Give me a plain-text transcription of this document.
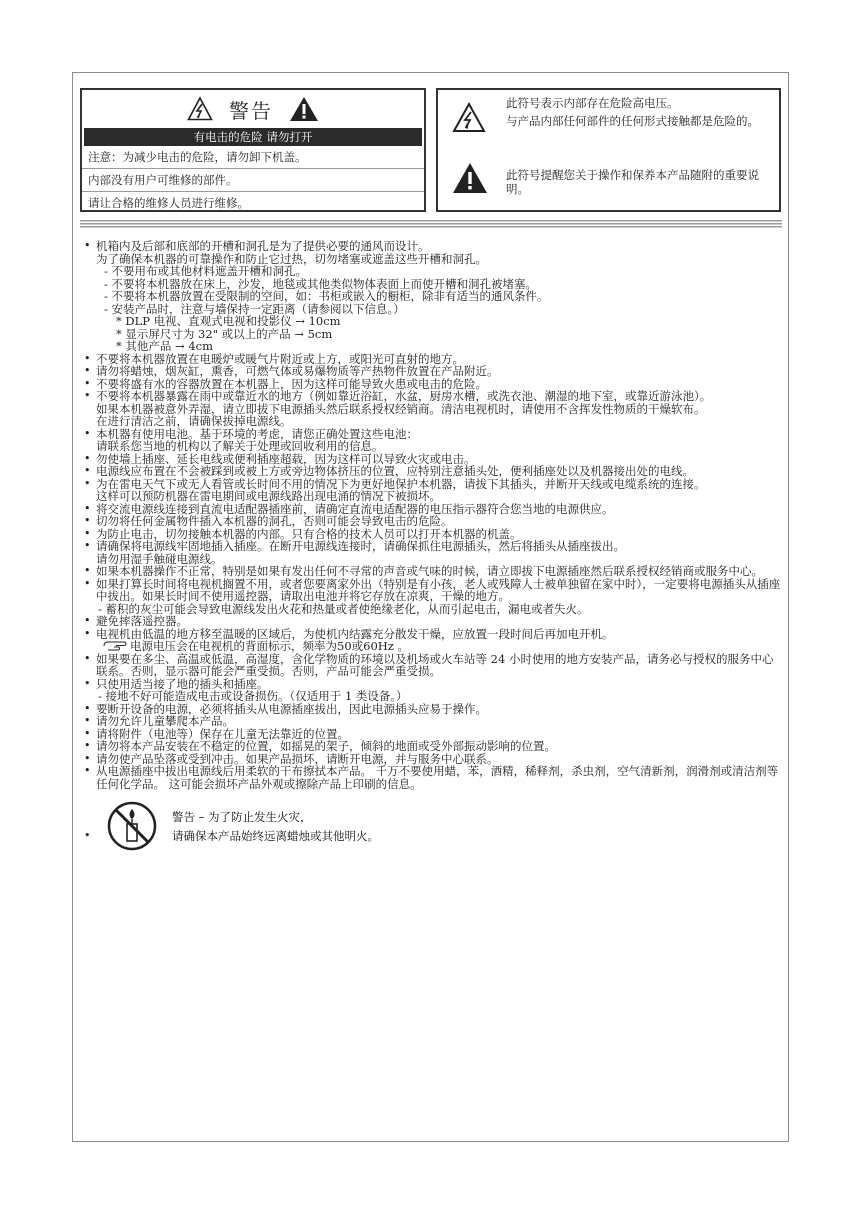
警告
有电击的危险 请勿打开
注意：为减少电击的危险，请勿卸下机盖。
内部没有用户可维修的部件。
请让合格的维修人员进行维修。
此符号表示内部存在危险高电压。
与产品内部任何部件的任何形式接触都是危险的。
此符号提醒您关于操作和保养本产品随附的重要说明。

• 机箱内及后部和底部的开槽和洞孔是为了提供必要的通风而设计。
为了确保本机器的可靠操作和防止它过热，切勿堵塞或遮盖这些开槽和洞孔。

- 不要用布或其他材料遮盖开槽和洞孔。

- 不要将本机器放在床上，沙发，地毯或其他类似物体表面上而使开槽和洞孔被堵塞。

- 不要将本机器放置在受限制的空间，如：书柜或嵌入的橱柜，除非有适当的通风条件。

- 安装产品时，注意与墙保持一定距离（请参阅以下信息。）

* DLP 电视、直观式电视和投影仪 → 10cm

* 显示屏尺寸为 32" 或以上的产品 → 5cm

* 其他产品 → 4cm

• 不要将本机器放置在电暖炉或暖气片附近或上方，或阳光可直射的地方。

• 请勿将蜡烛，烟灰缸，熏香，可燃气体或易爆物质等产热物件放置在产品附近。

• 不要将盛有水的容器放置在本机器上，因为这样可能导致火患或电击的危险。

• 不要将本机器暴露在雨中或靠近水的地方（例如靠近浴缸，水盆，厨房水槽，或洗衣池、潮湿的地下室，或靠近游泳池）。
如果本机器被意外弄湿，请立即拔下电源插头然后联系授权经销商。清洁电视机时，请使用不含挥发性物质的干燥软布。
在进行清洁之前，请确保拔掉电源线。

• 本机器有使用电池。基于环境的考虑，请您正确处置这些电池：
请联系您当地的机构以了解关于处理或回收利用的信息。

• 勿使墙上插座、延长电线或便利插座超载，因为这样可以导致火灾或电击。

• 电源线应布置在不会被踩到或被上方或旁边物体挤压的位置，应特别注意插头处，便利插座处以及机器接出处的电线。

• 为在雷电天气下或无人看管或长时间不用的情况下为更好地保护本机器，请拔下其插头，并断开天线或电缆系统的连接。
这样可以预防机器在雷电期间或电源线路出现电涌的情况下被损坏。

• 将交流电源线连接到直流电适配器插座前，请确定直流电适配器的电压指示器符合您当地的电源供应。

• 切勿将任何金属物件插入本机器的洞孔，否则可能会导致电击的危险。

• 为防止电击，切勿接触本机器的内部。只有合格的技术人员可以打开本机器的机盖。

• 请确保将电源线牢固地插入插座。在断开电源线连接时，请确保抓住电源插头，然后将插头从插座拔出。
请勿用湿手触碰电源线。

• 如果本机器操作不正常，特别是如果有发出任何不寻常的声音或气味的时候，请立即拔下电源插座然后联系授权经销商或服务中心。

• 如果打算长时间将电视机搁置不用，或者您要离家外出（特别是有小孩，老人或残障人士被单独留在家中时），一定要将电源插头从插座中拔出。如果长时间不使用遥控器，请取出电池并将它存放在凉爽，干燥的地方。

- 蓄积的灰尘可能会导致电源线发出火花和热量或者使绝缘老化，从而引起电击，漏电或者失火。

• 避免摔落遥控器。

• 电视机由低温的地方移至温暖的区域后，为使机内结露充分散发干燥，应放置一段时间后再加电开机。

电源电压会在电视机的背面标示，频率为50或60Hz 。

• 如果要在多尘、高温或低温，高湿度，含化学物质的环境以及机场或火车站等 24 小时使用的地方安装产品，请务必与授权的服务中心联系。否则，显示器可能会严重受损。否则，产品可能会严重受损。

• 只使用适当接了地的插头和插座。

- 接地不好可能造成电击或设备损伤。（仅适用于 1 类设备。）

• 要断开设备的电源，必须将插头从电源插座拔出，因此电源插头应易于操作。

• 请勿允许儿童攀爬本产品。

• 请将附件（电池等）保存在儿童无法靠近的位置。

• 请勿将本产品安装在不稳定的位置，如摇晃的架子，倾斜的地面或受外部振动影响的位置。

• 请勿使产品坠落或受到冲击。如果产品损坏，请断开电源，并与服务中心联系。

• 从电源插座中拔出电源线后用柔软的干布擦拭本产品。 千万不要使用蜡，苯，酒精，稀释剂，杀虫剂，空气清新剂，润滑剂或清洁剂等任何化学品。 这可能会损坏产品外观或擦除产品上印刷的信息。

•
警告 – 为了防止发生火灾，
请确保本产品始终远离蜡烛或其他明火。
